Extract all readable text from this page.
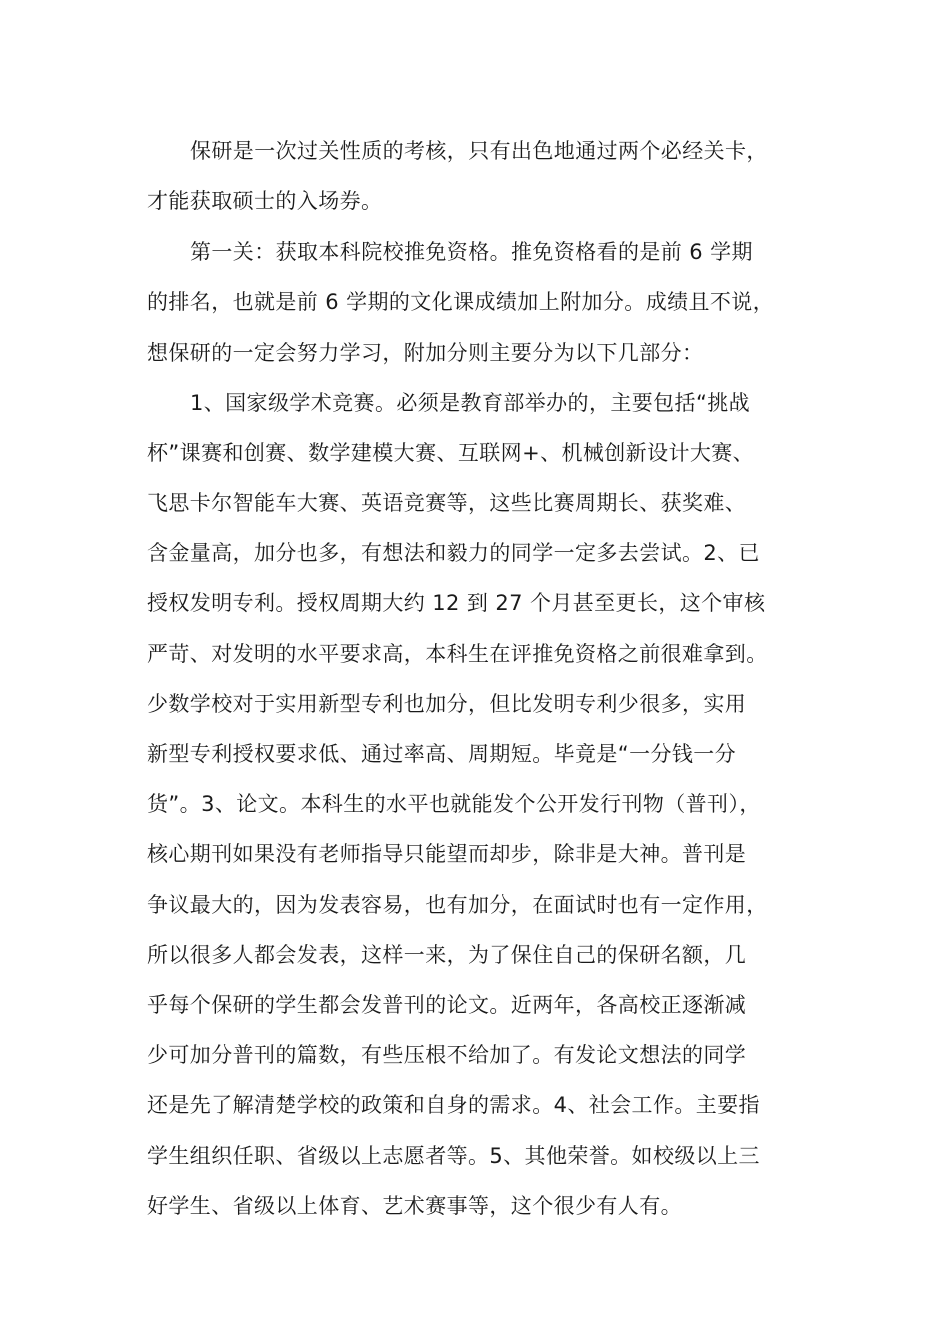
保研是一次过关性质的考核，只有出色地通过两个必经关卡，
才能获取硕士的入场券。
第一关：获取本科院校推免资格。推免资格看的是前 6 学期
的排名，也就是前 6 学期的文化课成绩加上附加分。成绩且不说，
想保研的一定会努力学习，附加分则主要分为以下几部分：
1、国家级学术竞赛。必须是教育部举办的，主要包括“挑战
杯”课赛和创赛、数学建模大赛、互联网+、机械创新设计大赛、
飞思卡尔智能车大赛、英语竞赛等，这些比赛周期长、获奖难、
含金量高，加分也多，有想法和毅力的同学一定多去尝试。2、已
授权发明专利。授权周期大约 12 到 27 个月甚至更长，这个审核
严苛、对发明的水平要求高，本科生在评推免资格之前很难拿到。
少数学校对于实用新型专利也加分，但比发明专利少很多，实用
新型专利授权要求低、通过率高、周期短。毕竟是“一分钱一分
货”。3、论文。本科生的水平也就能发个公开发行刊物（普刊），
核心期刊如果没有老师指导只能望而却步，除非是大神。普刊是
争议最大的，因为发表容易，也有加分，在面试时也有一定作用，
所以很多人都会发表，这样一来，为了保住自己的保研名额，几
乎每个保研的学生都会发普刊的论文。近两年，各高校正逐渐减
少可加分普刊的篇数，有些压根不给加了。有发论文想法的同学
还是先了解清楚学校的政策和自身的需求。4、社会工作。主要指
学生组织任职、省级以上志愿者等。5、其他荣誉。如校级以上三
好学生、省级以上体育、艺术赛事等，这个很少有人有。
